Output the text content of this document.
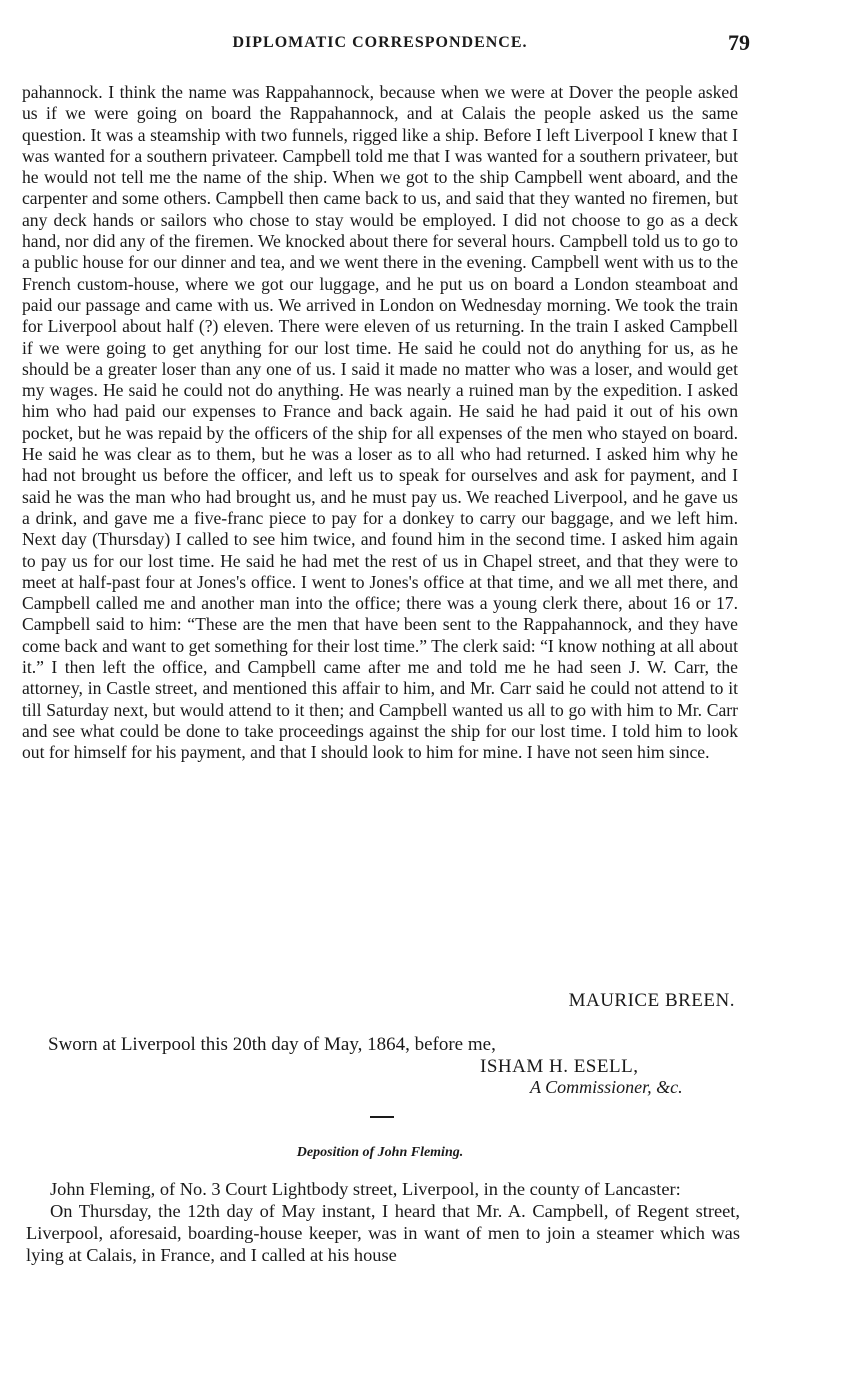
DIPLOMATIC CORRESPONDENCE.	79

pahannock. I think the name was Rappahannock, because when we were at Dover the people asked us if we were going on board the Rappahannock, and at Calais the people asked us the same question. It was a steamship with two funnels, rigged like a ship. Before I left Liverpool I knew that I was wanted for a southern privateer. Campbell told me that I was wanted for a southern privateer, but he would not tell me the name of the ship. When we got to the ship Campbell went aboard, and the carpenter and some others. Campbell then came back to us, and said that they wanted no firemen, but any deck hands or sailors who chose to stay would be employed. I did not choose to go as a deck hand, nor did any of the firemen. We knocked about there for several hours. Campbell told us to go to a public house for our dinner and tea, and we went there in the evening. Campbell went with us to the French custom-house, where we got our luggage, and he put us on board a London steamboat and paid our passage and came with us. We arrived in London on Wednesday morning. We took the train for Liverpool about half (?) eleven. There were eleven of us returning. In the train I asked Campbell if we were going to get anything for our lost time. He said he could not do anything for us, as he should be a greater loser than any one of us. I said it made no matter who was a loser, and would get my wages. He said he could not do anything. He was nearly a ruined man by the expedition. I asked him who had paid our expenses to France and back again. He said he had paid it out of his own pocket, but he was repaid by the officers of the ship for all expenses of the men who stayed on board. He said he was clear as to them, but he was a loser as to all who had returned. I asked him why he had not brought us before the officer, and left us to speak for ourselves and ask for payment, and I said he was the man who had brought us, and he must pay us. We reached Liverpool, and he gave us a drink, and gave me a five-franc piece to pay for a donkey to carry our baggage, and we left him. Next day (Thursday) I called to see him twice, and found him in the second time. I asked him again to pay us for our lost time. He said he had met the rest of us in Chapel street, and that they were to meet at half-past four at Jones's office. I went to Jones's office at that time, and we all met there, and Campbell called me and another man into the office; there was a young clerk there, about 16 or 17. Campbell said to him: “These are the men that have been sent to the Rappahannock, and they have come back and want to get something for their lost time.” The clerk said: “I know nothing at all about it.” I then left the office, and Campbell came after me and told me he had seen J. W. Carr, the attorney, in Castle street, and mentioned this affair to him, and Mr. Carr said he could not attend to it till Saturday next, but would attend to it then; and Campbell wanted us all to go with him to Mr. Carr and see what could be done to take proceedings against the ship for our lost time. I told him to look out for himself for his payment, and that I should look to him for mine. I have not seen him since.

MAURICE BREEN.

Sworn at Liverpool this 20th day of May, 1864, before me,

ISHAM H. ESELL,

A Commissioner, &c.

Deposition of John Fleming.

John Fleming, of No. 3 Court Lightbody street, Liverpool, in the county of Lancaster:
On Thursday, the 12th day of May instant, I heard that Mr. A. Campbell, of Regent street, Liverpool, aforesaid, boarding-house keeper, was in want of men to join a steamer which was lying at Calais, in France, and I called at his house
